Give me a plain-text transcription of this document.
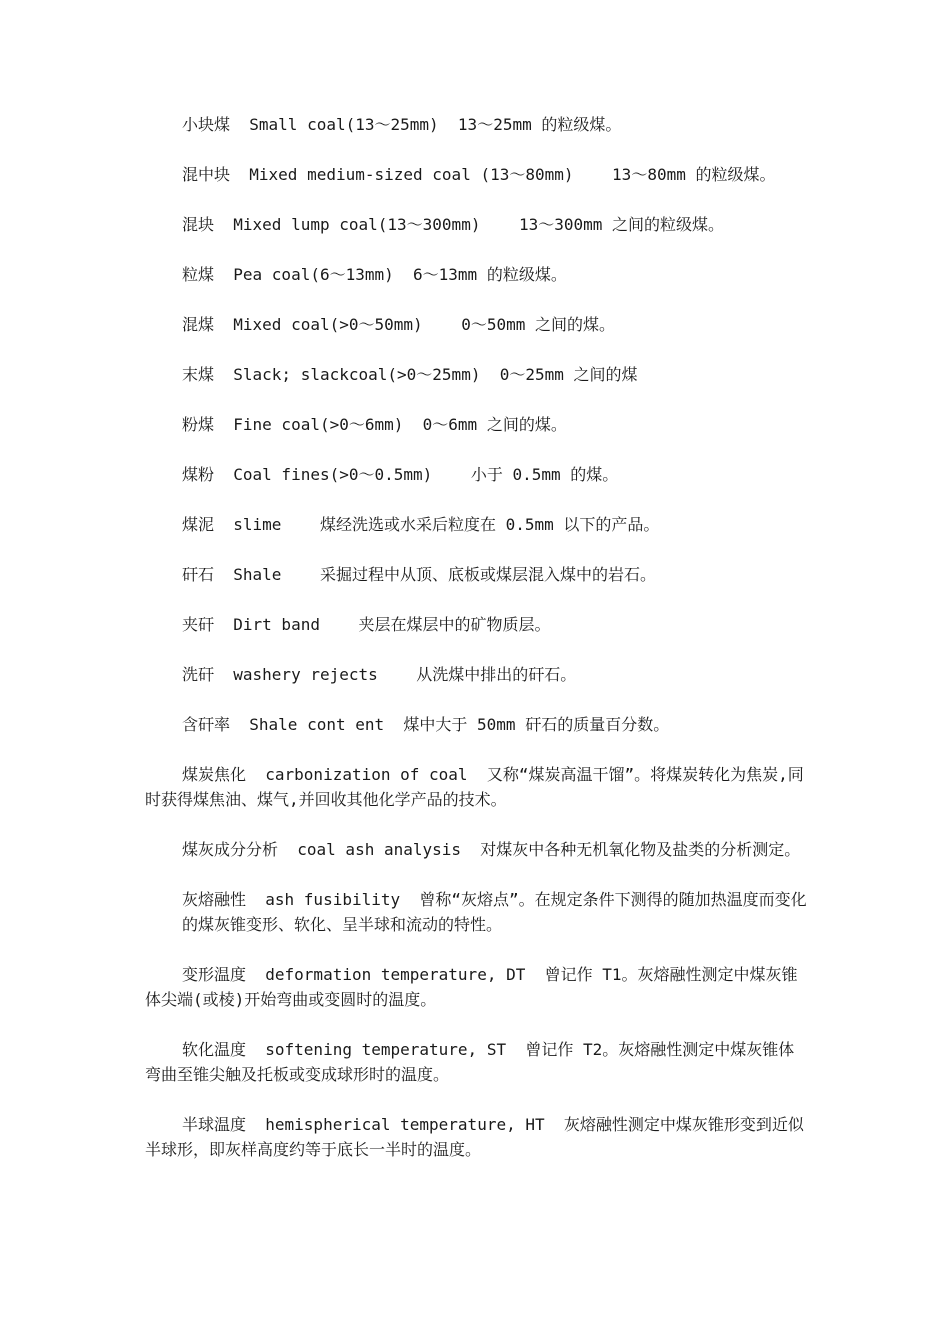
小块煤  Small coal(13～25mm)  13～25mm 的粒级煤。

混中块  Mixed medium-sized coal (13～80mm)    13～80mm 的粒级煤。

混块  Mixed lump coal(13～300mm)    13～300mm 之间的粒级煤。

粒煤  Pea coal(6～13mm)  6～13mm 的粒级煤。

混煤  Mixed coal(>0～50mm)    0～50mm 之间的煤。

末煤  Slack; slackcoal(>0～25mm)  0～25mm 之间的煤

粉煤  Fine coal(>0～6mm)  0～6mm 之间的煤。

煤粉  Coal fines(>0～0.5mm)    小于 0.5mm 的煤。

煤泥  slime    煤经洗选或水采后粒度在 0.5mm 以下的产品。

矸石  Shale    采掘过程中从顶、底板或煤层混入煤中的岩石。

夹矸  Dirt band    夹层在煤层中的矿物质层。

洗矸  washery rejects    从洗煤中排出的矸石。

含矸率  Shale cont ent  煤中大于 50mm 矸石的质量百分数。

煤炭焦化  carbonization of coal  又称“煤炭高温干馏”。将煤炭转化为焦炭,同时获得煤焦油、煤气,并回收其他化学产品的技术。

煤灰成分分析  coal ash analysis  对煤灰中各种无机氧化物及盐类的分析测定。

灰熔融性  ash fusibility  曾称“灰熔点”。在规定条件下测得的随加热温度而变化的煤灰锥变形、软化、呈半球和流动的特性。

变形温度  deformation temperature, DT  曾记作 T1。灰熔融性测定中煤灰锥体尖端(或棱)开始弯曲或变圆时的温度。

软化温度  softening temperature, ST  曾记作 T2。灰熔融性测定中煤灰锥体弯曲至锥尖触及托板或变成球形时的温度。

半球温度  hemispherical temperature, HT  灰熔融性测定中煤灰锥形变到近似半球形，即灰样高度约等于底长一半时的温度。
